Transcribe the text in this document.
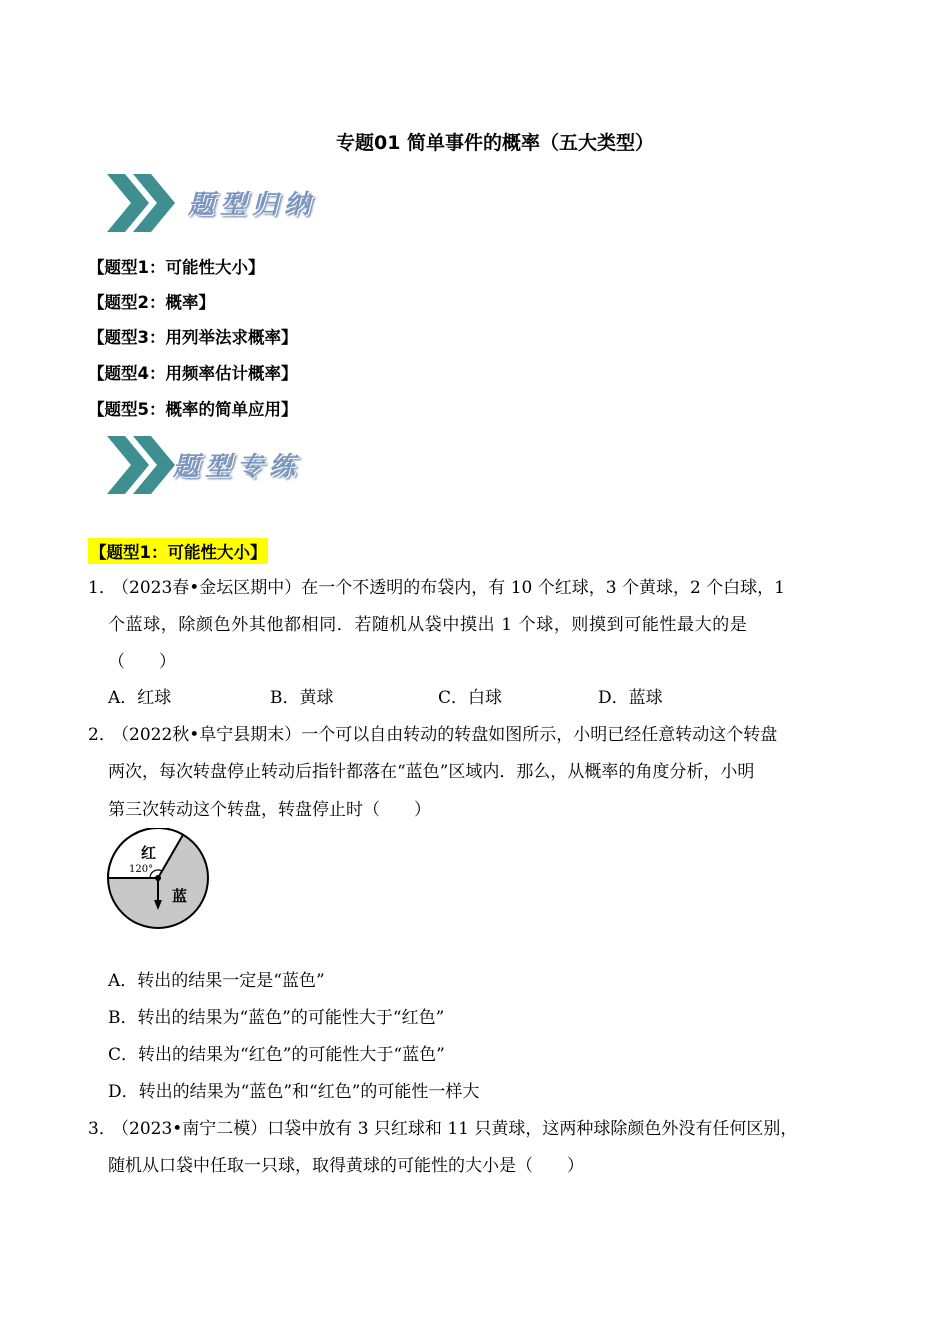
专题01 简单事件的概率（五大类型）
题型归纳
【题型1：可能性大小】
【题型2：概率】
【题型3：用列举法求概率】
【题型4：用频率估计概率】
【题型5：概率的简单应用】
题型专练
【题型1：可能性大小】
1．
（2023春•金坛区期中）在一个不透明的布袋内，有 10 个红球，3 个黄球，2 个白球，1
个蓝球，除颜色外其他都相同．若随机从袋中摸出 1 个球，则摸到可能性最大的是
（　　）
A．红球	B．黄球	C．白球	D．蓝球
2．
（2022秋•阜宁县期末）一个可以自由转动的转盘如图所示，小明已经任意转动这个转盘
两次，每次转盘停止转动后指针都落在“蓝色”区域内．那么，从概率的角度分析，小明
第三次转动这个转盘，转盘停止时（　　）
红
120°
蓝
A．转出的结果一定是“蓝色”
B．转出的结果为“蓝色”的可能性大于“红色”
C．转出的结果为“红色”的可能性大于“蓝色”
D．转出的结果为“蓝色”和“红色”的可能性一样大
3．
（2023•南宁二模）口袋中放有 3 只红球和 11 只黄球，这两种球除颜色外没有任何区别，
随机从口袋中任取一只球，取得黄球的可能性的大小是（　　）
